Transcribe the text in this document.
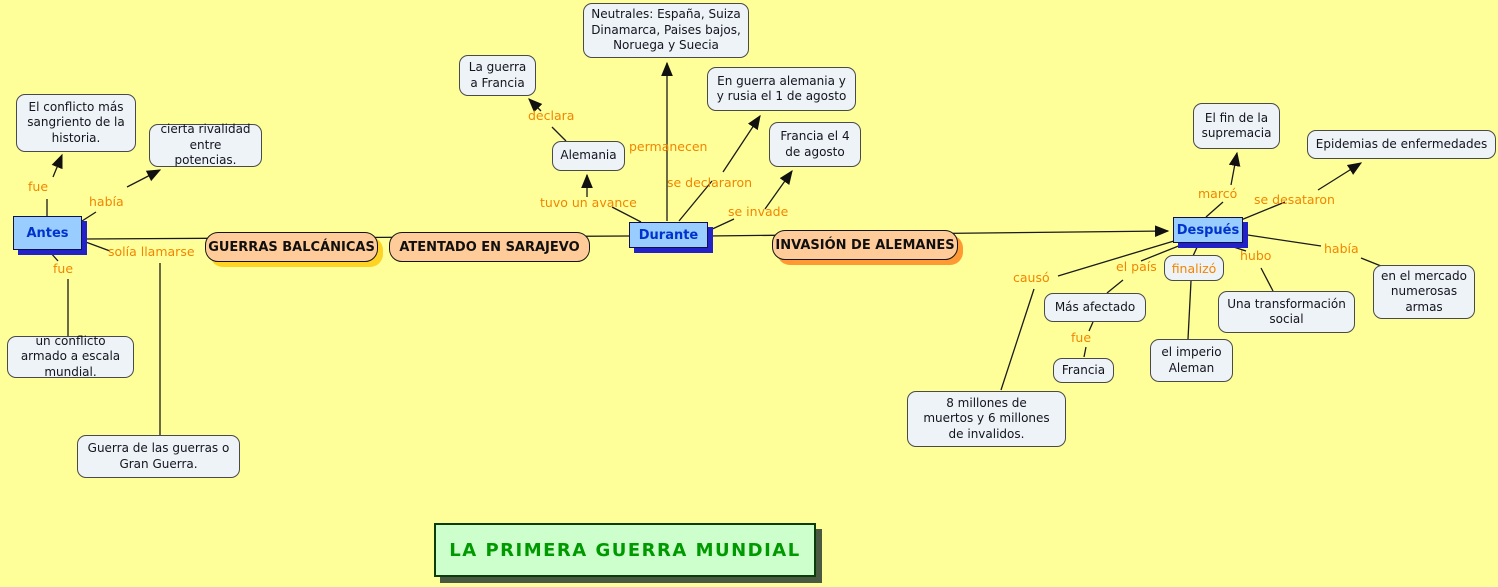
Antes	Durante	Después
GUERRAS BALCÁNICAS	ATENTADO EN SARAJEVO	INVASIÓN DE ALEMANES
Neutrales: España, Suiza Dinamarca, Paises bajos, Noruega y Suecia
La guerra a Francia	En guerra alemania y y rusia el 1 de agosto
Francia el 4 de agosto
Alemania
El conflicto más sangriento de la historia.
cierta rivalidad entre potencias.
El fin de la supremacia
Epidemias de enfermedades
en el mercado numerosas armas
Una transformación social
el imperio Aleman
Más afectado
Francia
8 millones de muertos y 6 millones de invalidos.
un conflicto armado a escala mundial.
Guerra de las guerras o Gran Guerra.
finalizó
LA PRIMERA GUERRA MUNDIAL
fue
había
fue
solía llamarse
declara
tuvo un avance
permanecen
se declararon
se invade
marcó se desataron
causó
el país
hubo	había
fue
